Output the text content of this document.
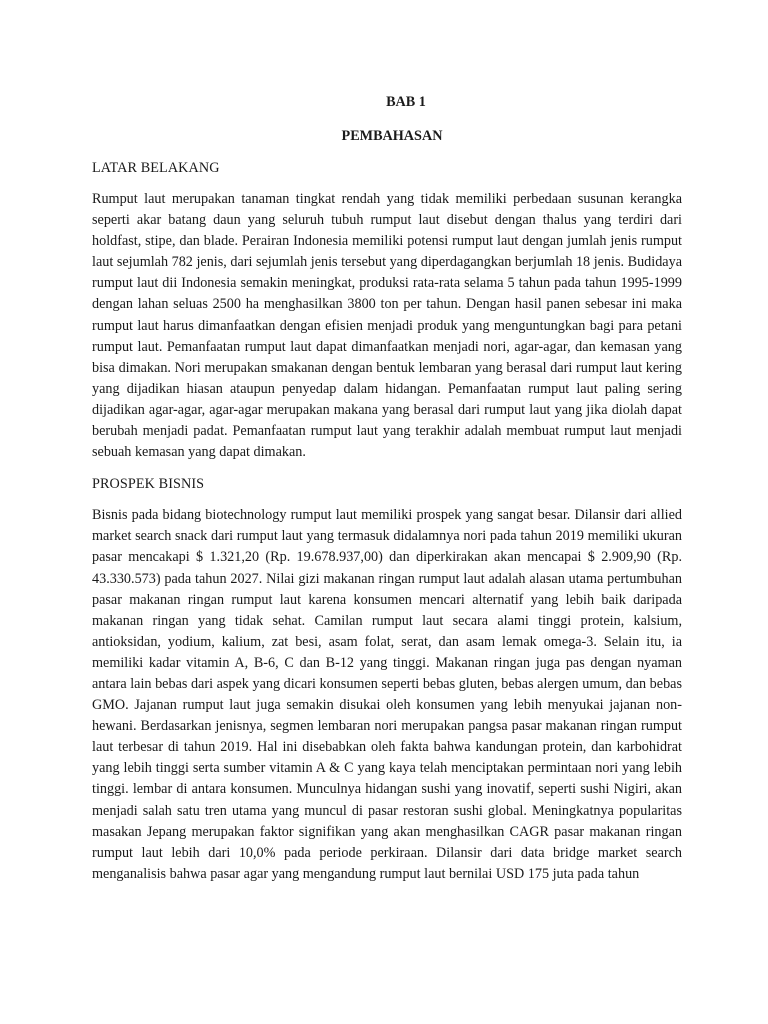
BAB 1
PEMBAHASAN
LATAR BELAKANG

Rumput laut merupakan tanaman tingkat rendah yang tidak memiliki perbedaan susunan kerangka seperti akar batang daun yang seluruh tubuh rumput laut disebut dengan thalus yang terdiri dari holdfast, stipe, dan blade. Perairan Indonesia memiliki potensi rumput laut dengan jumlah jenis rumput laut sejumlah 782 jenis, dari sejumlah jenis tersebut yang diperdagangkan berjumlah 18 jenis. Budidaya rumput laut dii Indonesia semakin meningkat, produksi rata-rata selama 5 tahun pada tahun 1995-1999 dengan lahan seluas 2500 ha menghasilkan 3800 ton per tahun. Dengan hasil panen sebesar ini maka rumput laut harus dimanfaatkan dengan efisien menjadi produk yang menguntungkan bagi para petani rumput laut. Pemanfaatan rumput laut dapat dimanfaatkan menjadi nori, agar-agar, dan kemasan yang bisa dimakan. Nori merupakan smakanan dengan bentuk lembaran yang berasal dari rumput laut kering yang dijadikan hiasan ataupun penyedap dalam hidangan. Pemanfaatan rumput laut paling sering dijadikan agar-agar, agar-agar merupakan makana yang berasal dari rumput laut yang jika diolah dapat berubah menjadi padat. Pemanfaatan rumput laut yang terakhir adalah membuat rumput laut menjadi sebuah kemasan yang dapat dimakan.

PROSPEK BISNIS

Bisnis pada bidang biotechnology rumput laut memiliki prospek yang sangat besar. Dilansir dari allied market search snack dari rumput laut yang termasuk didalamnya nori pada tahun 2019 memiliki ukuran pasar mencakapi $ 1.321,20 (Rp. 19.678.937,00) dan diperkirakan akan mencapai $ 2.909,90 (Rp. 43.330.573) pada tahun 2027. Nilai gizi makanan ringan rumput laut adalah alasan utama pertumbuhan pasar makanan ringan rumput laut karena konsumen mencari alternatif yang lebih baik daripada makanan ringan yang tidak sehat. Camilan rumput laut secara alami tinggi protein, kalsium, antioksidan, yodium, kalium, zat besi, asam folat, serat, dan asam lemak omega-3. Selain itu, ia memiliki kadar vitamin A, B-6, C dan B-12 yang tinggi. Makanan ringan juga pas dengan nyaman antara lain bebas dari aspek yang dicari konsumen seperti bebas gluten, bebas alergen umum, dan bebas GMO. Jajanan rumput laut juga semakin disukai oleh konsumen yang lebih menyukai jajanan non-hewani. Berdasarkan jenisnya, segmen lembaran nori merupakan pangsa pasar makanan ringan rumput laut terbesar di tahun 2019. Hal ini disebabkan oleh fakta bahwa kandungan protein, dan karbohidrat yang lebih tinggi serta sumber vitamin A & C yang kaya telah menciptakan permintaan nori yang lebih tinggi. lembar di antara konsumen. Munculnya hidangan sushi yang inovatif, seperti sushi Nigiri, akan menjadi salah satu tren utama yang muncul di pasar restoran sushi global. Meningkatnya popularitas masakan Jepang merupakan faktor signifikan yang akan menghasilkan CAGR pasar makanan ringan rumput laut lebih dari 10,0% pada periode perkiraan. Dilansir dari data bridge market search menganalisis bahwa pasar agar yang mengandung rumput laut bernilai USD 175 juta pada tahun
